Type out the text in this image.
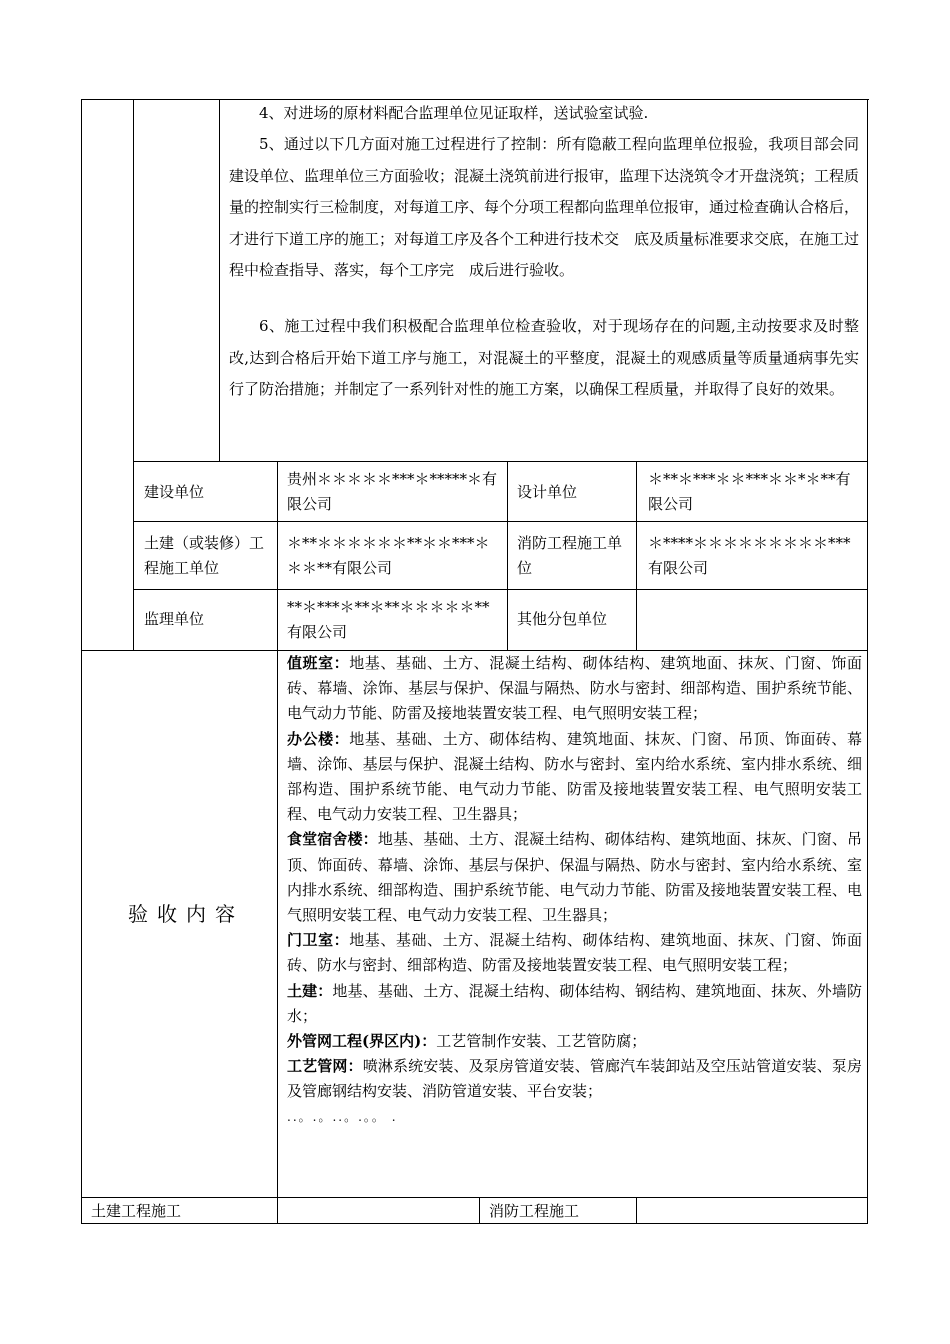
4、对进场的原材料配合监理单位见证取样，送试验室试验.
5、通过以下几方面对施工过程进行了控制：所有隐蔽工程向监理单位报验，我项目部会同建设单位、监理单位三方面验收；混凝土浇筑前进行报审，监理下达浇筑令才开盘浇筑；工程质量的控制实行三检制度，对每道工序、每个分项工程都向监理单位报审，通过检查确认合格后，才进行下道工序的施工；对每道工序及各个工种进行技术交　底及质量标准要求交底，在施工过程中检查指导、落实，每个工序完　成后进行验收。
6、施工过程中我们积极配合监理单位检查验收，对于现场存在的问题,主动按要求及时整改,达到合格后开始下道工序与施工，对混凝土的平整度，混凝土的观感质量等质量通病事先实行了防治措施；并制定了一系列针对性的施工方案，以确保工程质量，并取得了良好的效果。
建设单位
贵州＊＊＊＊＊***＊*****＊有限公司
设计单位
＊**＊***＊＊***＊＊*＊**有限公司
土建（或装修）工程施工单位
＊**＊＊＊＊＊＊**＊＊***＊＊＊**有限公司
消防工程施工单位
＊****＊＊＊＊＊＊＊＊＊***有限公司
监理单位
**＊***＊**＊**＊＊＊＊＊**有限公司
其他分包单位
验收内容

值班室：地基、基础、土方、混凝土结构、砌体结构、建筑地面、抹灰、门窗、饰面砖、幕墙、涂饰、基层与保护、保温与隔热、防水与密封、细部构造、围护系统节能、电气动力节能、防雷及接地装置安装工程、电气照明安装工程；

办公楼：地基、基础、土方、砌体结构、建筑地面、抹灰、门窗、吊顶、饰面砖、幕墙、涂饰、基层与保护、混凝土结构、防水与密封、室内给水系统、室内排水系统、细部构造、围护系统节能、电气动力节能、防雷及接地装置安装工程、电气照明安装工程、电气动力安装工程、卫生器具；

食堂宿舍楼：地基、基础、土方、混凝土结构、砌体结构、建筑地面、抹灰、门窗、吊顶、饰面砖、幕墙、涂饰、基层与保护、保温与隔热、防水与密封、室内给水系统、室内排水系统、细部构造、围护系统节能、电气动力节能、防雷及接地装置安装工程、电气照明安装工程、电气动力安装工程、卫生器具；

门卫室：地基、基础、土方、混凝土结构、砌体结构、建筑地面、抹灰、门窗、饰面砖、防水与密封、细部构造、防雷及接地装置安装工程、电气照明安装工程；

土建：地基、基础、土方、混凝土结构、砌体结构、钢结构、建筑地面、抹灰、外墙防水；

外管网工程(界区内)：工艺管制作安装、工艺管防腐；

工艺管网：喷淋系统安装、及泵房管道安装、管廊汽车装卸站及空压站管道安装、泵房及管廊钢结构安装、消防管道安装、平台安装；

..。.。..。.。。 .

土建工程施工	消防工程施工
